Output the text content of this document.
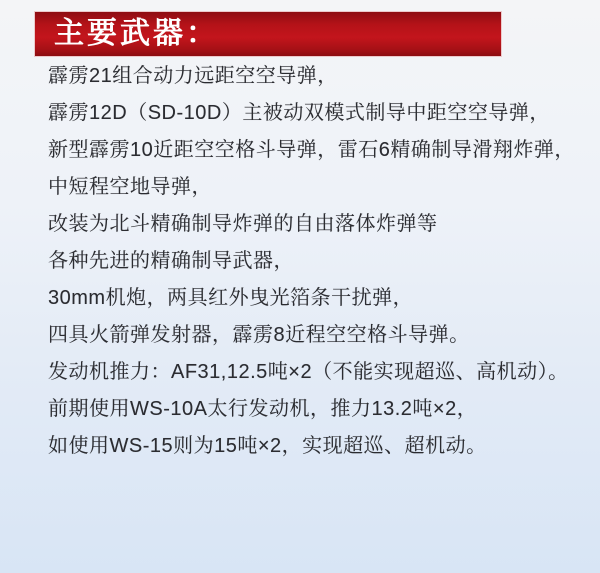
主要武器：

霹雳21组合动力远距空空导弹，

霹雳12D（SD-10D）主被动双模式制导中距空空导弹，

新型霹雳10近距空空格斗导弹，雷石6精确制导滑翔炸弹，

中短程空地导弹，

改装为北斗精确制导炸弹的自由落体炸弹等

各种先进的精确制导武器，

30mm机炮，两具红外曳光箔条干扰弹，

四具火箭弹发射器，霹雳8近程空空格斗导弹。

发动机推力：AF31,12.5吨×2（不能实现超巡、高机动）。

前期使用WS-10A太行发动机，推力13.2吨×2，

如使用WS-15则为15吨×2，实现超巡、超机动。
